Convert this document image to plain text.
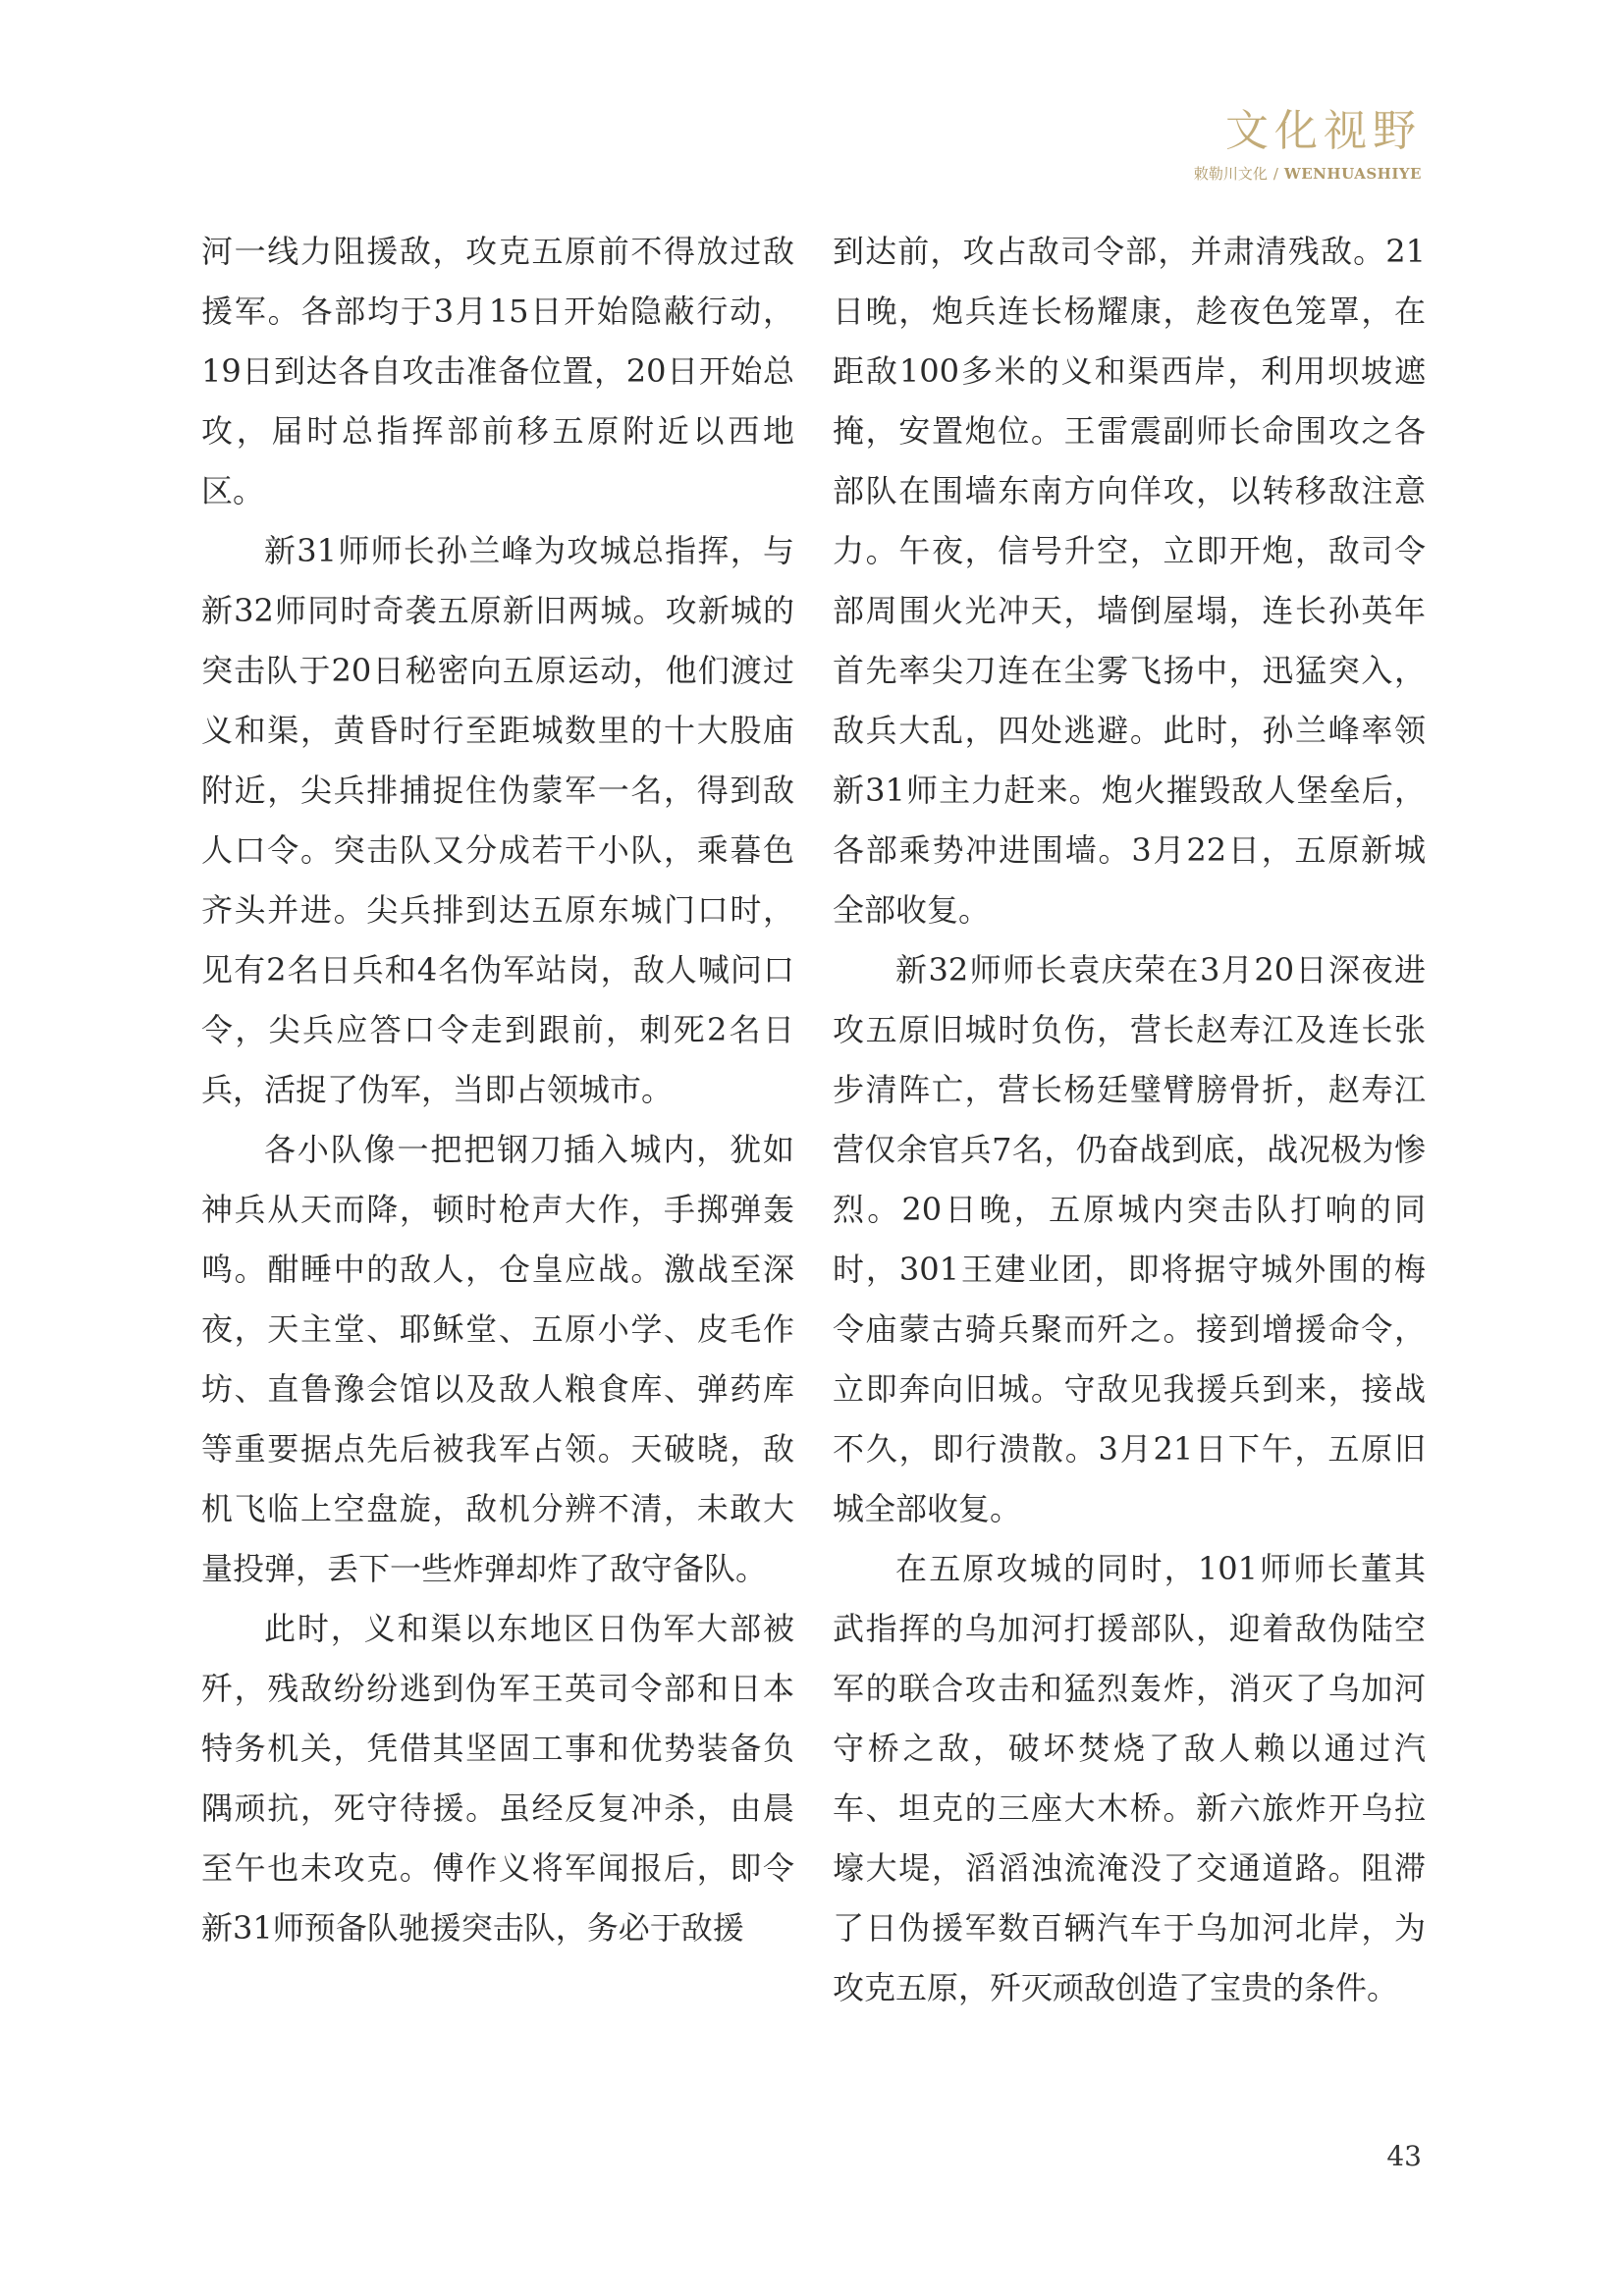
文化视野
敕勒川文化 / WENHUASHIYE

河一线力阻援敌，攻克五原前不得放过敌援军。各部均于3月15日开始隐蔽行动，19日到达各自攻击准备位置，20日开始总攻，届时总指挥部前移五原附近以西地区。

新31师师长孙兰峰为攻城总指挥，与新32师同时奇袭五原新旧两城。攻新城的突击队于20日秘密向五原运动，他们渡过义和渠，黄昏时行至距城数里的十大股庙附近，尖兵排捕捉住伪蒙军一名，得到敌人口令。突击队又分成若干小队，乘暮色齐头并进。尖兵排到达五原东城门口时，见有2名日兵和4名伪军站岗，敌人喊问口令，尖兵应答口令走到跟前，刺死2名日兵，活捉了伪军，当即占领城市。

各小队像一把把钢刀插入城内，犹如神兵从天而降，顿时枪声大作，手掷弹轰鸣。酣睡中的敌人，仓皇应战。激战至深夜，天主堂、耶稣堂、五原小学、皮毛作坊、直鲁豫会馆以及敌人粮食库、弹药库等重要据点先后被我军占领。天破晓，敌机飞临上空盘旋，敌机分辨不清，未敢大量投弹，丢下一些炸弹却炸了敌守备队。

此时，义和渠以东地区日伪军大部被歼，残敌纷纷逃到伪军王英司令部和日本特务机关，凭借其坚固工事和优势装备负隅顽抗，死守待援。虽经反复冲杀，由晨至午也未攻克。傅作义将军闻报后，即令新31师预备队驰援突击队，务必于敌援

到达前，攻占敌司令部，并肃清残敌。21日晚，炮兵连长杨耀康，趁夜色笼罩，在距敌100多米的义和渠西岸，利用坝坡遮掩，安置炮位。王雷震副师长命围攻之各部队在围墙东南方向佯攻，以转移敌注意力。午夜，信号升空，立即开炮，敌司令部周围火光冲天，墙倒屋塌，连长孙英年首先率尖刀连在尘雾飞扬中，迅猛突入，敌兵大乱，四处逃避。此时，孙兰峰率领新31师主力赶来。炮火摧毁敌人堡垒后，各部乘势冲进围墙。3月22日，五原新城全部收复。

新32师师长袁庆荣在3月20日深夜进攻五原旧城时负伤，营长赵寿江及连长张步清阵亡，营长杨廷璧臂膀骨折，赵寿江营仅余官兵7名，仍奋战到底，战况极为惨烈。20日晚，五原城内突击队打响的同时，301王建业团，即将据守城外围的梅令庙蒙古骑兵聚而歼之。接到增援命令，立即奔向旧城。守敌见我援兵到来，接战不久，即行溃散。3月21日下午，五原旧城全部收复。

在五原攻城的同时，101师师长董其武指挥的乌加河打援部队，迎着敌伪陆空军的联合攻击和猛烈轰炸，消灭了乌加河守桥之敌，破坏焚烧了敌人赖以通过汽车、坦克的三座大木桥。新六旅炸开乌拉壕大堤，滔滔浊流淹没了交通道路。阻滞了日伪援军数百辆汽车于乌加河北岸，为攻克五原，歼灭顽敌创造了宝贵的条件。

43
